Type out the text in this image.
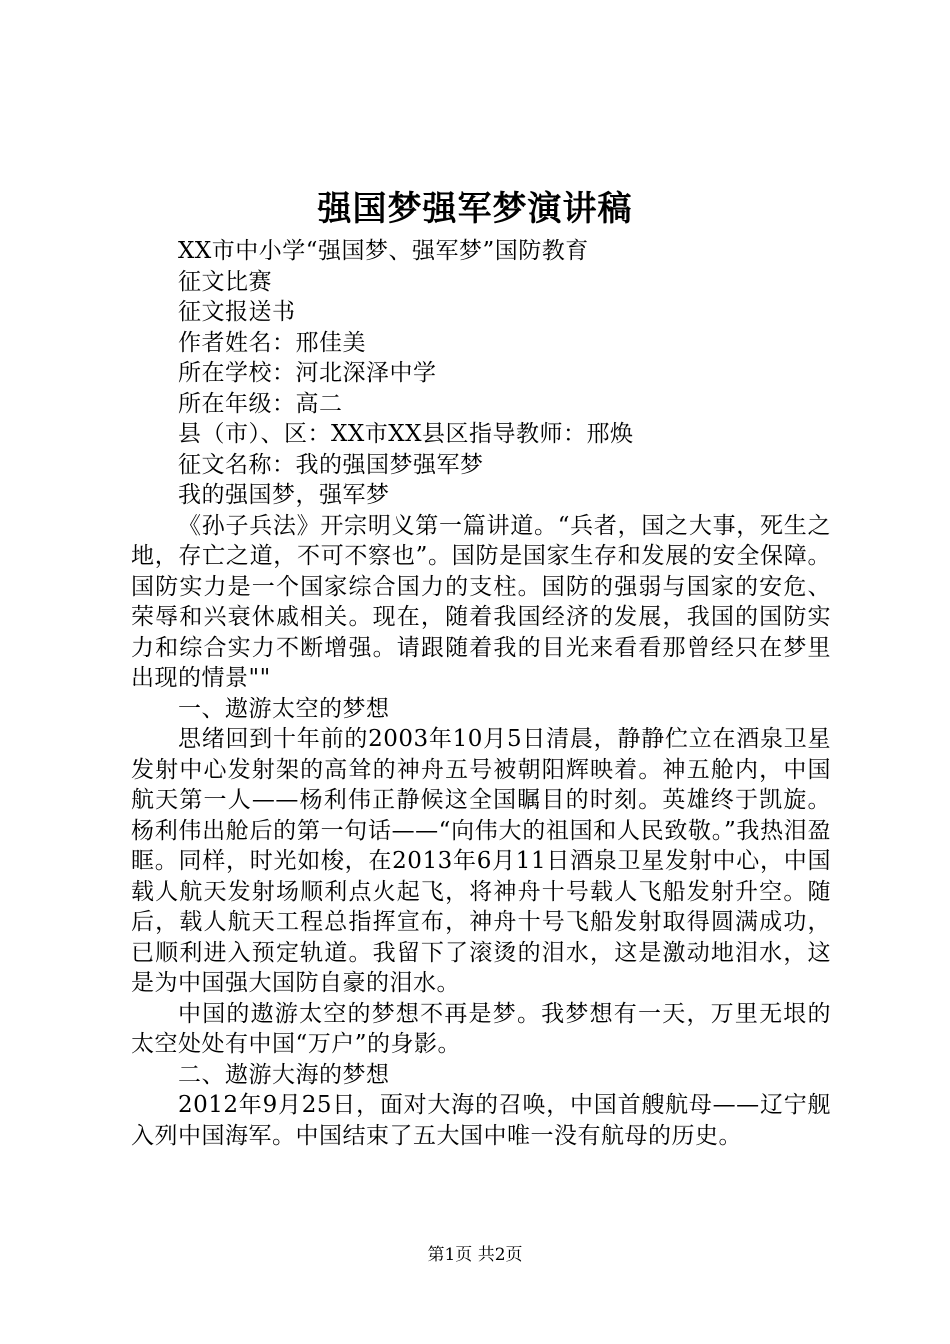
强国梦强军梦演讲稿

XX市中小学“强国梦、强军梦”国防教育

征文比赛

征文报送书

作者姓名：邢佳美

所在学校：河北深泽中学

所在年级：高二

县（市）、区：XX市XX县区指导教师：邢焕

征文名称：我的强国梦强军梦

我的强国梦，强军梦

《孙子兵法》开宗明义第一篇讲道。“兵者，国之大事，死生之地，存亡之道，不可不察也”。国防是国家生存和发展的安全保障。国防实力是一个国家综合国力的支柱。国防的强弱与国家的安危、荣辱和兴衰休戚相关。现在，随着我国经济的发展，我国的国防实力和综合实力不断增强。请跟随着我的目光来看看那曾经只在梦里出现的情景""

一、遨游太空的梦想

思绪回到十年前的2003年10月5日清晨，静静伫立在酒泉卫星发射中心发射架的高耸的神舟五号被朝阳辉映着。神五舱内，中国航天第一人——杨利伟正静候这全国瞩目的时刻。英雄终于凯旋。杨利伟出舱后的第一句话——“向伟大的祖国和人民致敬。”我热泪盈眶。同样，时光如梭，在2013年6月11日酒泉卫星发射中心，中国载人航天发射场顺利点火起飞，将神舟十号载人飞船发射升空。随后，载人航天工程总指挥宣布，神舟十号飞船发射取得圆满成功，已顺利进入预定轨道。我留下了滚烫的泪水，这是激动地泪水，这是为中国强大国防自豪的泪水。

中国的遨游太空的梦想不再是梦。我梦想有一天，万里无垠的太空处处有中国“万户”的身影。

二、遨游大海的梦想

2012年9月25日，面对大海的召唤，中国首艘航母——辽宁舰入列中国海军。中国结束了五大国中唯一没有航母的历史。

第1页 共2页
